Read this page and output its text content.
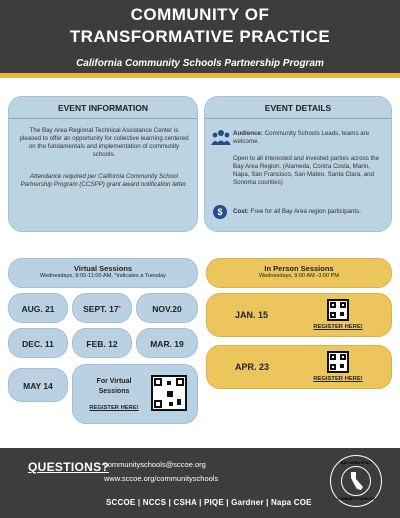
COMMUNITY OF
TRANSFORMATIVE PRACTICE
California Community Schools Partnership Program
EVENT INFORMATION
The Bay Area Regional Technical Assistance Center is pleased to offer an opportunity for collective learning centered on the fundamentals and implementation of community schools.
Attendance required per California Community School Partnership Program (CCSPP) grant award notification letter.
EVENT DETAILS
Audience: Community Schools Leads, teams are welcome.
Open to all interested and invested parties across the Bay Area Region. (Alameda, Contra Costa, Marin, Napa, San Francisco, San Mateo, Santa Clara, and Sonoma counties)
$	Cost: Free for all Bay Area region participants.
Virtual Sessions
Wednesdays, 9:00-11:00 AM, *indicates a Tuesday
AUG. 21	SEPT. 17*	NOV.20
DEC. 11	FEB. 12	MAR. 19
MAY 14	For Virtual
Sessions
REGISTER HERE!
In Person Sessions
Wednesdays, 9:00 AM -3:00 PM
JAN. 15
REGISTER HERE!
APR. 23
REGISTER HERE!
QUESTIONS?
communityschools@sccoe.org
www.sccoe.org/communityschools
SCCOE | NCCS | CSHA | PIQE | Gardner | Napa COE
BAY AREA RTAC
COMMUNITY SCHOOLS
